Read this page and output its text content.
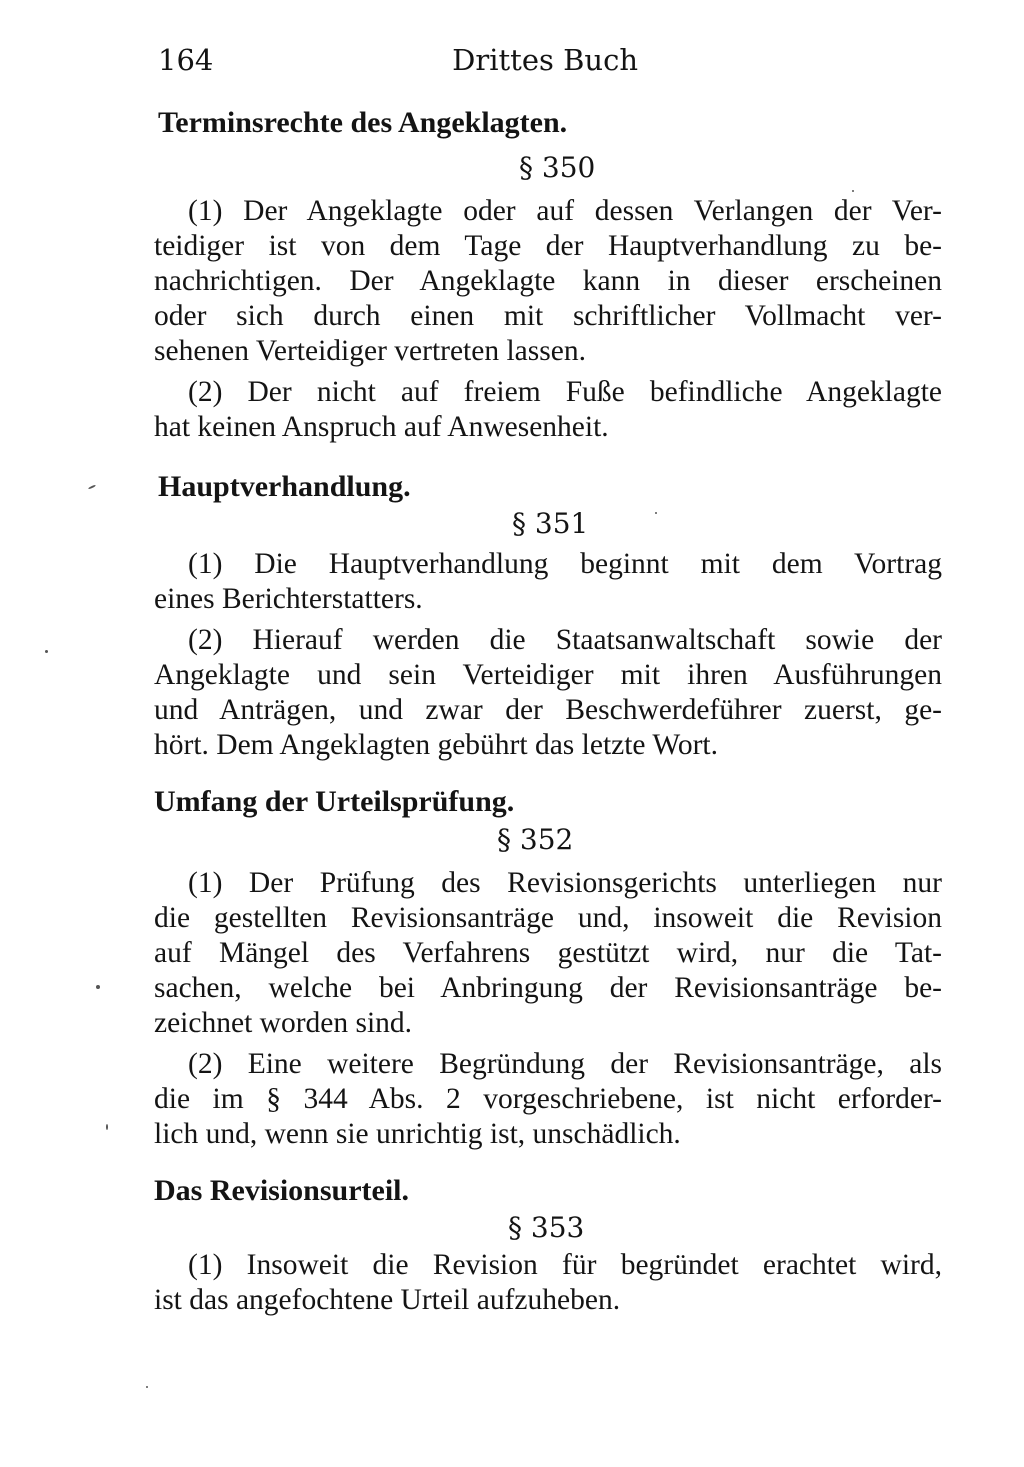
164	Drittes Buch
Terminsrechte des Angeklagten.
§ 350
(1) Der Angeklagte oder auf dessen Verlangen der Ver-
teidiger ist von dem Tage der Hauptverhandlung zu be-
nachrichtigen. Der Angeklagte kann in dieser erscheinen
oder sich durch einen mit schriftlicher Vollmacht ver-
sehenen Verteidiger vertreten lassen.
(2) Der nicht auf freiem Fuße befindliche Angeklagte
hat keinen Anspruch auf Anwesenheit.
Hauptverhandlung.
§ 351
(1) Die Hauptverhandlung beginnt mit dem Vortrag
eines Berichterstatters.
(2) Hierauf werden die Staatsanwaltschaft sowie der
Angeklagte und sein Verteidiger mit ihren Ausführungen
und Anträgen, und zwar der Beschwerdeführer zuerst, ge-
hört. Dem Angeklagten gebührt das letzte Wort.
Umfang der Urteilsprüfung.
§ 352
(1) Der Prüfung des Revisionsgerichts unterliegen nur
die gestellten Revisionsanträge und, insoweit die Revision
auf Mängel des Verfahrens gestützt wird, nur die Tat-
sachen, welche bei Anbringung der Revisionsanträge be-
zeichnet worden sind.
(2) Eine weitere Begründung der Revisionsanträge, als
die im § 344 Abs. 2 vorgeschriebene, ist nicht erforder-
lich und, wenn sie unrichtig ist, unschädlich.
Das Revisionsurteil.
§ 353
(1) Insoweit die Revision für begründet erachtet wird,
ist das angefochtene Urteil aufzuheben.
